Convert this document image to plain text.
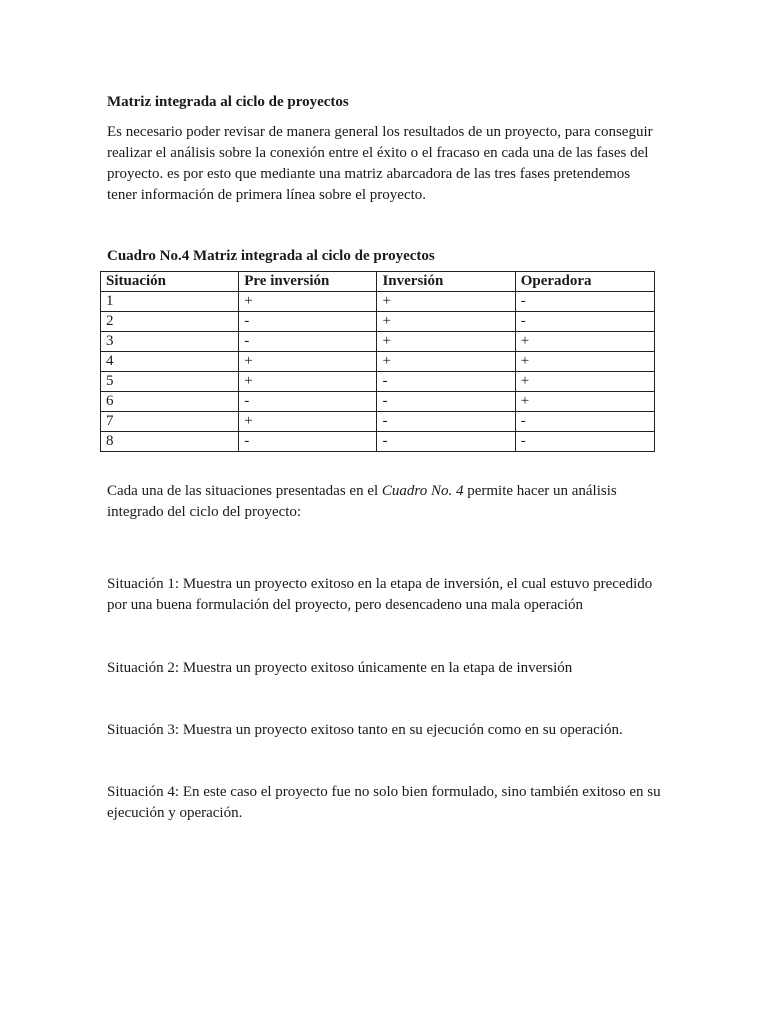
Matriz integrada al ciclo de proyectos

Es necesario poder revisar de manera general los resultados de un proyecto, para conseguir realizar el análisis sobre la conexión entre el éxito o el fracaso en cada una de las fases del proyecto. es por esto que mediante una matriz abarcadora de las tres fases pretendemos tener información de primera línea sobre el proyecto.

Cuadro No.4 Matriz integrada al ciclo de proyectos

Situación	Pre inversión	Inversión	Operadora
1	+	+	-
2	-	+	-
3	-	+	+
4	+	+	+
5	+	-	+
6	-	-	+
7	+	-	-
8	-	-	-

Cada una de las situaciones presentadas en el Cuadro No. 4 permite hacer un análisis integrado del ciclo del proyecto:

Situación 1: Muestra un proyecto exitoso en la etapa de inversión, el cual estuvo precedido por una buena formulación del proyecto, pero desencadeno una mala operación

Situación 2: Muestra un proyecto exitoso únicamente en la etapa de inversión

Situación 3: Muestra un proyecto exitoso tanto en su ejecución como en su operación.

Situación 4: En este caso el proyecto fue no solo bien formulado, sino también exitoso en su ejecución y operación.
